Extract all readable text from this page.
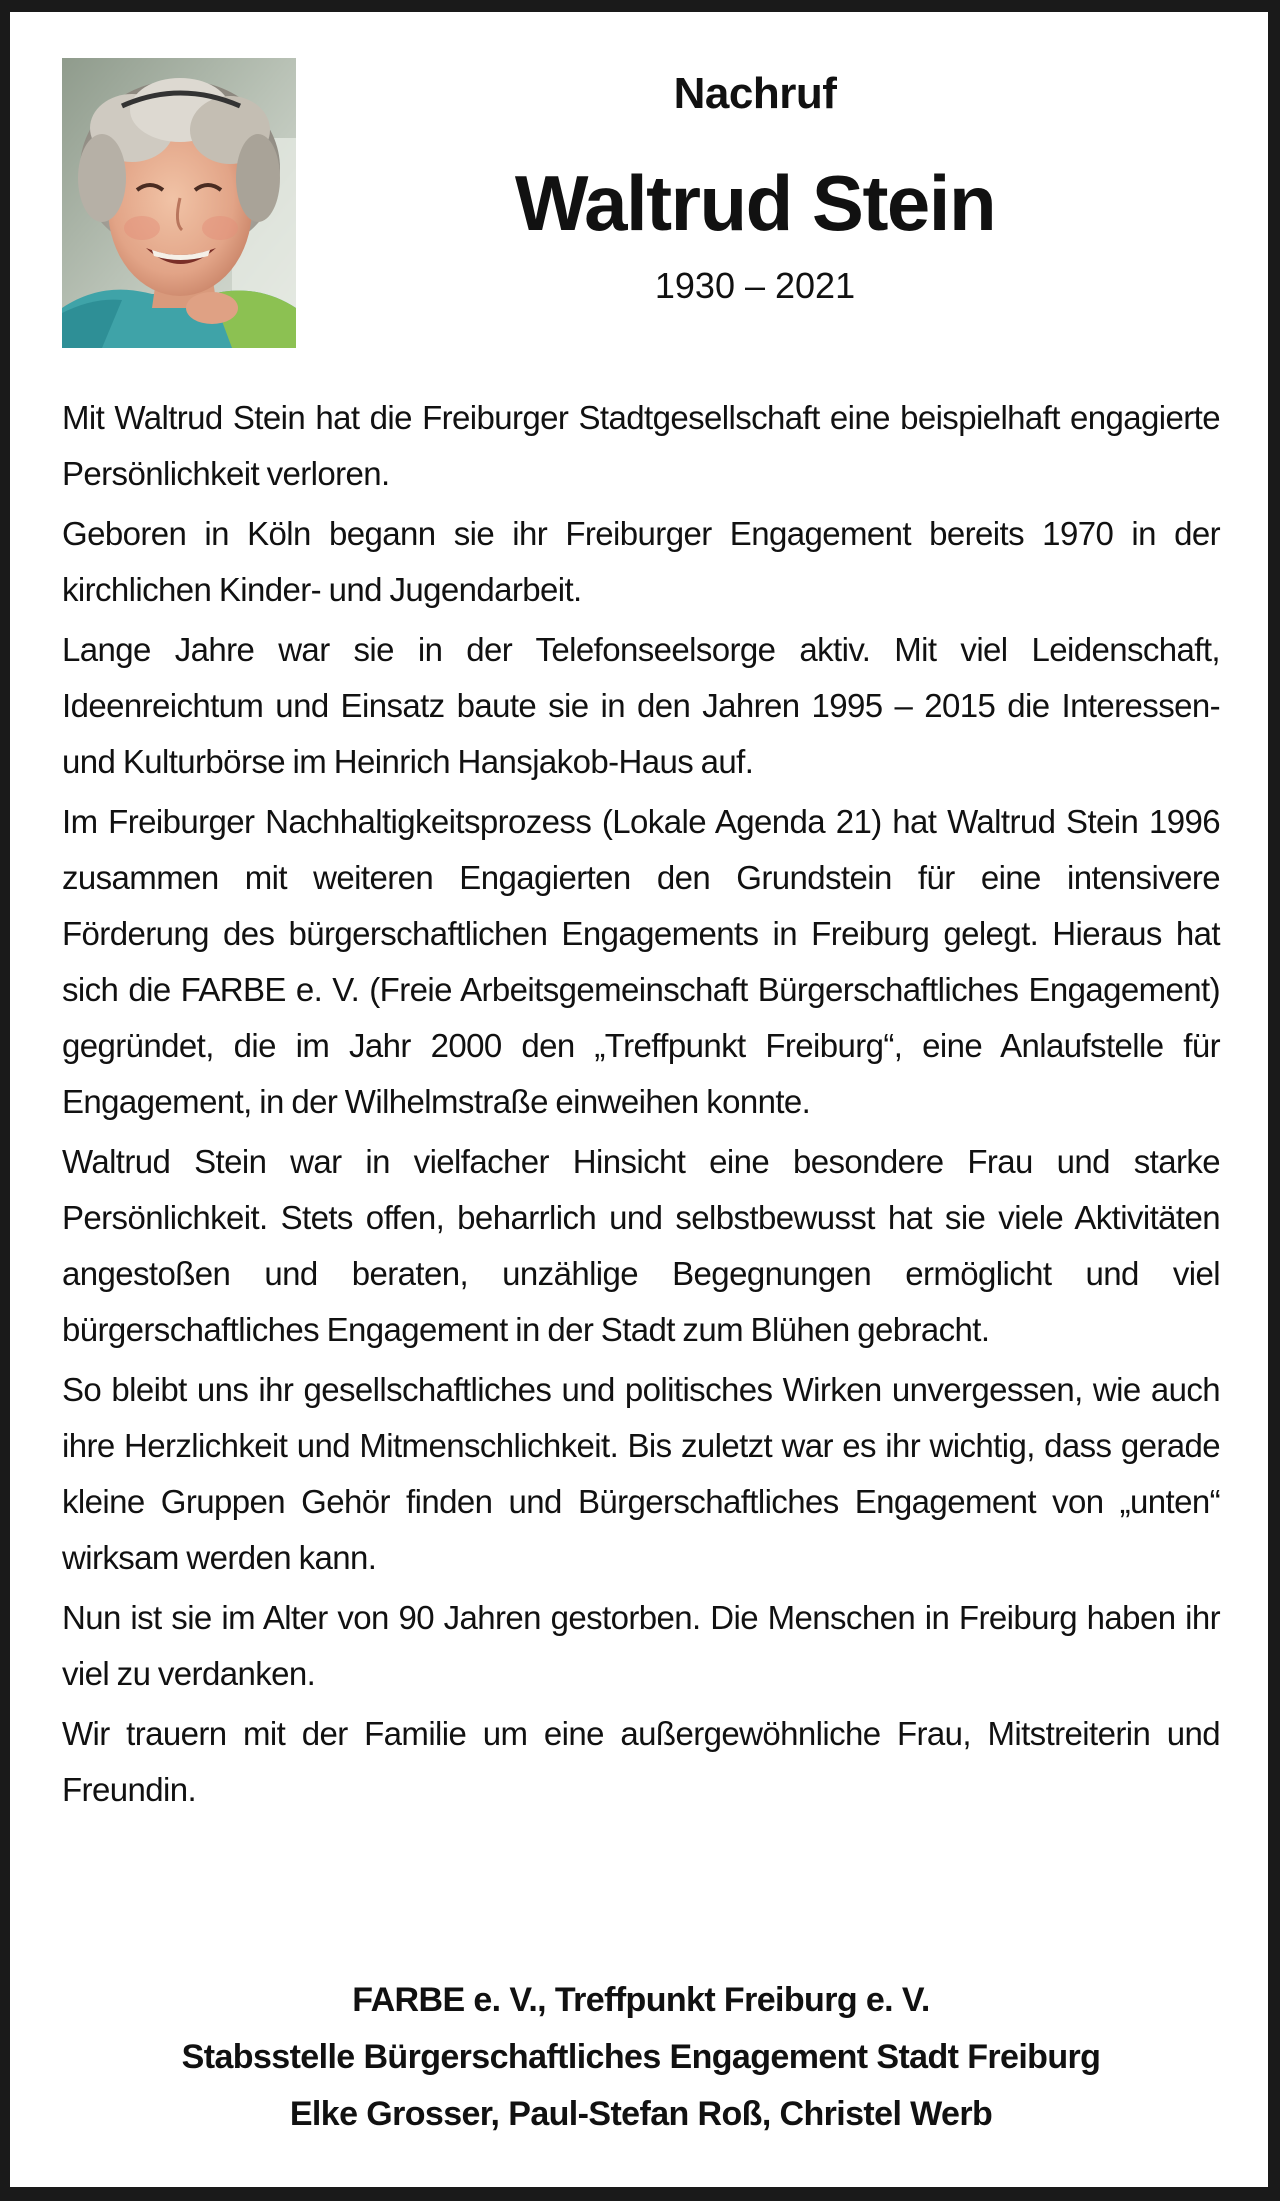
Nachruf
Waltrud Stein
1930 – 2021

Mit Waltrud Stein hat die Freiburger Stadtgesellschaft eine beispielhaft engagierte Persönlichkeit verloren.

Geboren in Köln begann sie ihr Freiburger Engagement bereits 1970 in der kirchlichen Kinder- und Jugendarbeit.

Lange Jahre war sie in der Telefonseelsorge aktiv. Mit viel Leidenschaft, Ideenreichtum und Einsatz baute sie in den Jahren 1995 – 2015 die Interessen- und Kulturbörse im Heinrich Hansjakob-Haus auf.

Im Freiburger Nachhaltigkeitsprozess (Lokale Agenda 21) hat Waltrud Stein 1996 zusammen mit weiteren Engagierten den Grundstein für eine intensivere Förderung des bürgerschaftlichen Engagements in Freiburg gelegt. Hieraus hat sich die FARBE e. V. (Freie Arbeitsgemeinschaft Bürgerschaftliches Engagement) gegründet, die im Jahr 2000 den „Treffpunkt Freiburg“, eine Anlaufstelle für Engagement, in der Wilhelmstraße einweihen konnte.

Waltrud Stein war in vielfacher Hinsicht eine besondere Frau und starke Persönlichkeit. Stets offen, beharrlich und selbstbewusst hat sie viele Aktivitäten angestoßen und beraten, unzählige Begegnungen ermöglicht und viel bürgerschaftliches Engagement in der Stadt zum Blühen gebracht.

So bleibt uns ihr gesellschaftliches und politisches Wirken unvergessen, wie auch ihre Herzlichkeit und Mitmenschlichkeit. Bis zuletzt war es ihr wichtig, dass gerade kleine Gruppen Gehör finden und Bürgerschaftliches Engagement von „unten“ wirksam werden kann.

Nun ist sie im Alter von 90 Jahren gestorben. Die Menschen in Freiburg haben ihr viel zu verdanken.

Wir trauern mit der Familie um eine außergewöhnliche Frau, Mitstreiterin und Freundin.

FARBE e. V., Treffpunkt Freiburg e. V.
Stabsstelle Bürgerschaftliches Engagement Stadt Freiburg
Elke Grosser, Paul-Stefan Roß, Christel Werb
